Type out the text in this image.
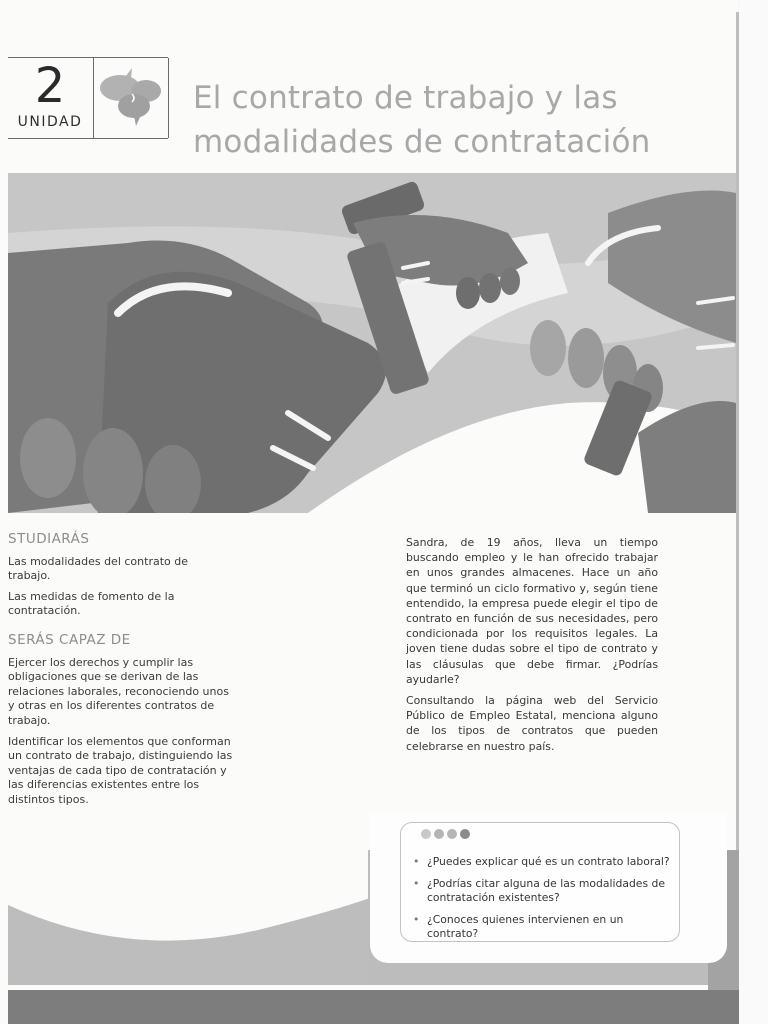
2
UNIDAD
El contrato de trabajo y las
modalidades de contratación
STUDIARÁS

Las modalidades del contrato de trabajo.

Las medidas de fomento de la contratación.

SERÁS CAPAZ DE

Ejercer los derechos y cumplir las obligaciones que se derivan de las relaciones laborales, reconociendo unos y otras en los diferentes contratos de trabajo.

Identificar los elementos que conforman un contrato de trabajo, distinguiendo las ventajas de cada tipo de contratación y las diferencias existentes entre los distintos tipos.

Sandra, de 19 años, lleva un tiempo buscando empleo y le han ofrecido trabajar en unos grandes almacenes. Hace un año que terminó un ciclo formativo y, según tiene entendido, la empresa puede elegir el tipo de contrato en función de sus necesidades, pero condicionada por los requisitos legales. La joven tiene dudas sobre el tipo de contrato y las cláusulas que debe firmar. ¿Podrías ayudarle?

Consultando la página web del Servicio Público de Empleo Estatal, menciona alguno de los tipos de contratos que pueden celebrarse en nuestro país.

• ¿Puedes explicar qué es un contrato laboral?
• ¿Podrías citar alguna de las modalidades de contratación existentes?
• ¿Conoces quienes intervienen en un contrato?
